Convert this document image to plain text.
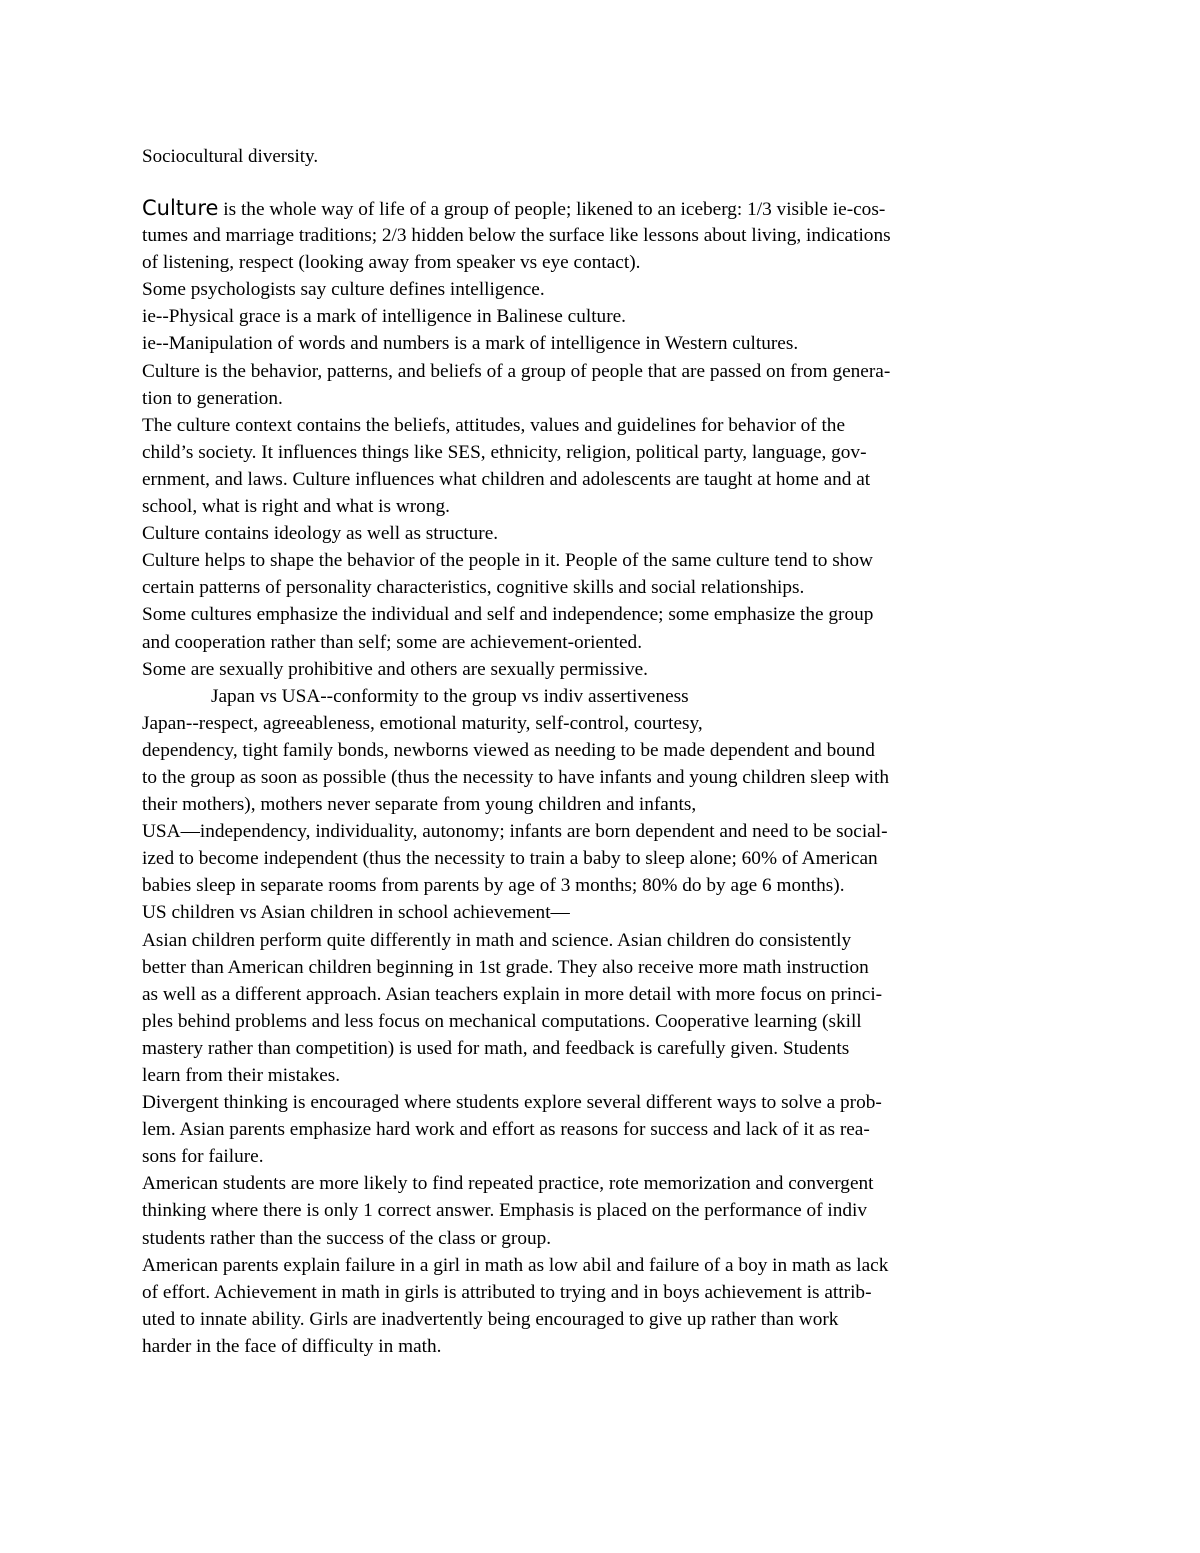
Sociocultural diversity.
Culture is the whole way of life of a group of people; likened to an iceberg: 1/3 visible ie-cos-
tumes and marriage traditions; 2/3 hidden below the surface like lessons about living, indications
of listening, respect (looking away from speaker vs eye contact).
Some psychologists say culture defines intelligence.
ie--Physical grace is a mark of intelligence in Balinese culture.
ie--Manipulation of words and numbers is a mark of intelligence in Western cultures.
Culture is the behavior, patterns, and beliefs of a group of people that are passed on from genera-
tion to generation.
The culture context contains the beliefs, attitudes, values and guidelines for behavior of the
child’s society. It influences things like SES, ethnicity, religion, political party, language, gov-
ernment, and laws. Culture influences what children and adolescents are taught at home and at
school, what is right and what is wrong.
Culture contains ideology as well as structure.
Culture helps to shape the behavior of the people in it. People of the same culture tend to show
certain patterns of personality characteristics, cognitive skills and social relationships.
Some cultures emphasize the individual and self and independence; some emphasize the group
and cooperation rather than self; some are achievement-oriented.
Some are sexually prohibitive and others are sexually permissive.
Japan vs USA--conformity to the group vs indiv assertiveness
Japan--respect, agreeableness, emotional maturity, self-control, courtesy,
dependency, tight family bonds, newborns viewed as needing to be made dependent and bound
to the group as soon as possible (thus the necessity to have infants and young children sleep with
their mothers), mothers never separate from young children and infants,
USA—independency, individuality, autonomy; infants are born dependent and need to be social-
ized to become independent (thus the necessity to train a baby to sleep alone; 60% of American
babies sleep in separate rooms from parents by age of 3 months; 80% do by age 6 months).
US children vs Asian children in school achievement—
Asian children perform quite differently in math and science. Asian children do consistently
better than American children beginning in 1st grade. They also receive more math instruction
as well as a different approach. Asian teachers explain in more detail with more focus on princi-
ples behind problems and less focus on mechanical computations. Cooperative learning (skill
mastery rather than competition) is used for math, and feedback is carefully given. Students
learn from their mistakes.
Divergent thinking is encouraged where students explore several different ways to solve a prob-
lem. Asian parents emphasize hard work and effort as reasons for success and lack of it as rea-
sons for failure.
American students are more likely to find repeated practice, rote memorization and convergent
thinking where there is only 1 correct answer. Emphasis is placed on the performance of indiv
students rather than the success of the class or group.
American parents explain failure in a girl in math as low abil and failure of a boy in math as lack
of effort. Achievement in math in girls is attributed to trying and in boys achievement is attrib-
uted to innate ability. Girls are inadvertently being encouraged to give up rather than work
harder in the face of difficulty in math.
